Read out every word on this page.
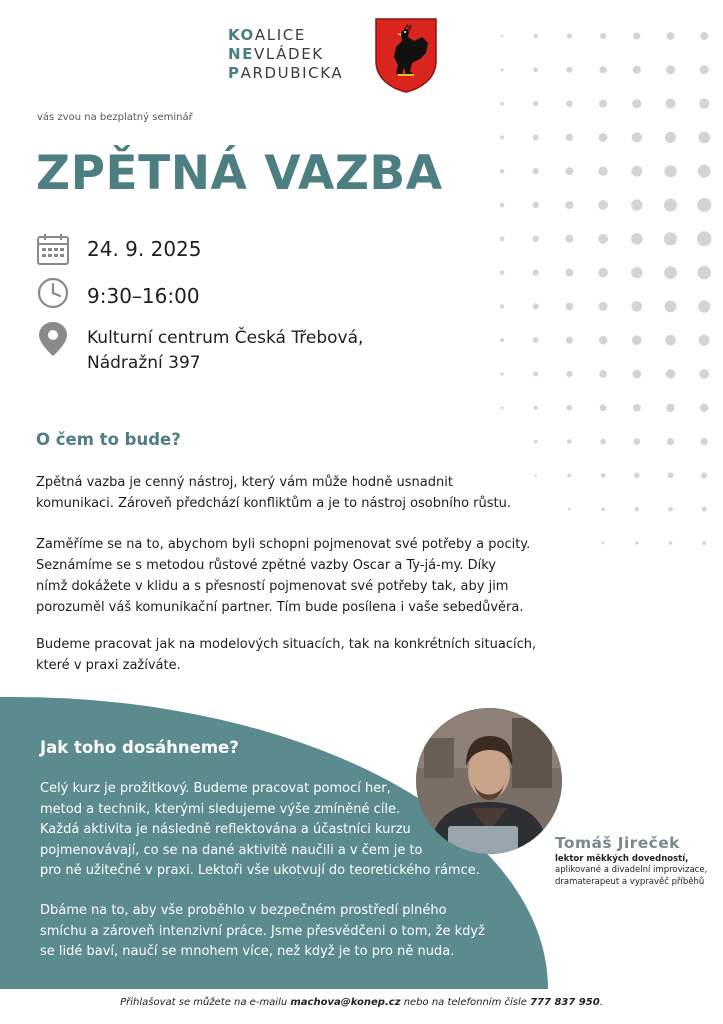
KOALICE
NEVLÁDEK
PARDUBICKA
vás zvou na bezplatný seminář
ZPĚTNÁ VAZBA
24. 9. 2025
9:30–16:00
Kulturní centrum Česká Třebová,
Nádražní 397
O čem to bude?

Zpětná vazba je cenný nástroj, který vám může hodně usnadnit
komunikaci. Zároveň předchází konfliktům a je to nástroj osobního růstu.

Zaměříme se na to, abychom byli schopni pojmenovat své potřeby a pocity.
Seznámíme se s metodou růstové zpětné vazby Oscar a Ty-já-my. Díky
nímž dokážete v klidu a s přesností pojmenovat své potřeby tak, aby jim
porozuměl váš komunikační partner. Tím bude posílena i vaše sebedůvěra.

Budeme pracovat jak na modelových situacích, tak na konkrétních situacích,
které v praxi zažíváte.

Jak toho dosáhneme?

Celý kurz je prožitkový. Budeme pracovat pomocí her,
metod a technik, kterými sledujeme výše zmíněné cíle.
Každá aktivita je následně reflektována a účastníci kurzu
pojmenovávají, co se na dané aktivitě naučili a v čem je to
pro ně užitečné v praxi. Lektoři vše ukotvují do teoretického rámce.

Dbáme na to, aby vše proběhlo v bezpečném prostředí plného
smíchu a zároveň intenzivní práce. Jsme přesvědčeni o tom, že když
se lidé baví, naučí se mnohem více, než když je to pro ně nuda.

Tomáš Jireček
lektor měkkých dovedností,
aplikované a divadelní improvizace,
dramaterapeut a vypravěč příběhů
Přihlašovat se můžete na e-mailu machova@konep.cz nebo na telefonním čísle 777 837 950.
